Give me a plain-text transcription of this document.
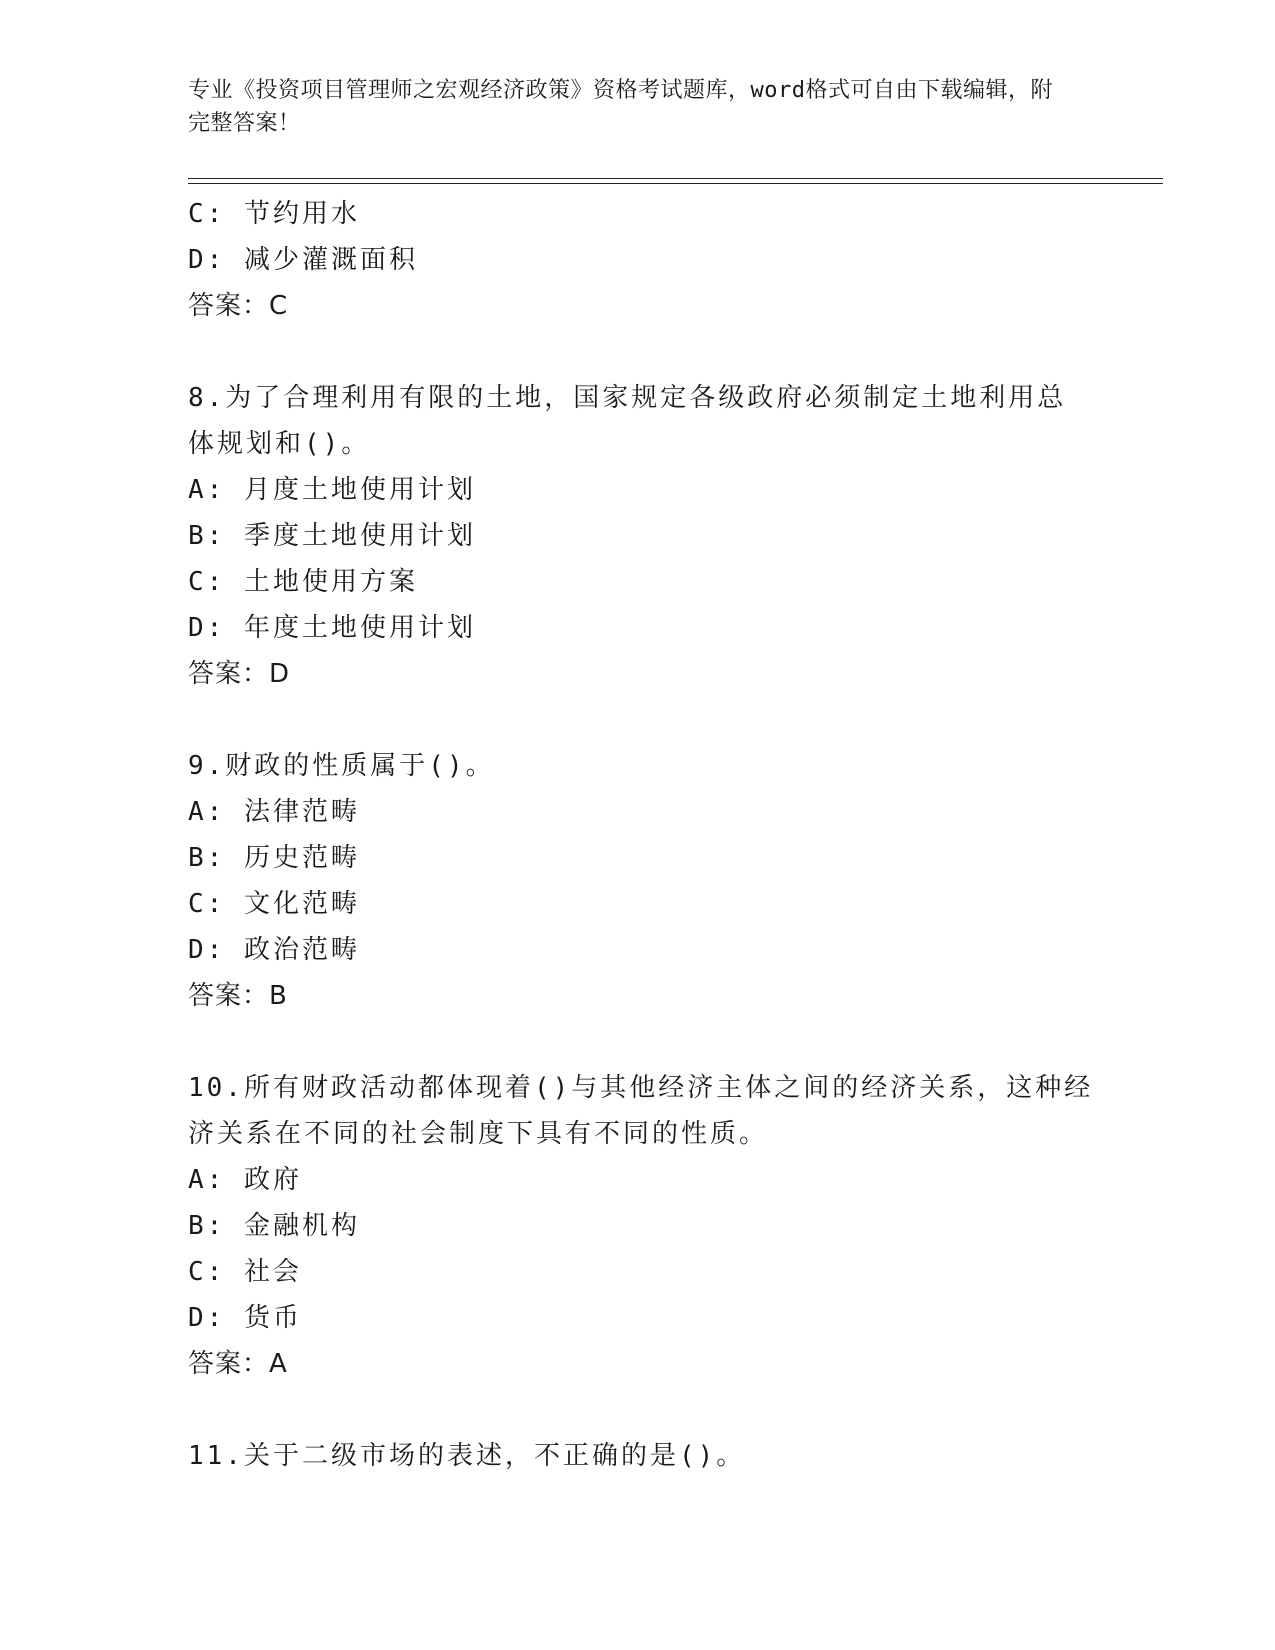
专业《投资项目管理师之宏观经济政策》资格考试题库，word格式可自由下载编辑，附完整答案！
C: 节约用水
D: 减少灌溉面积
答案：C
8.为了合理利用有限的土地，国家规定各级政府必须制定土地利用总
体规划和()。
A: 月度土地使用计划
B: 季度土地使用计划
C: 土地使用方案
D: 年度土地使用计划
答案：D
9.财政的性质属于()。
A: 法律范畴
B: 历史范畴
C: 文化范畴
D: 政治范畴
答案：B
10.所有财政活动都体现着()与其他经济主体之间的经济关系，这种经
济关系在不同的社会制度下具有不同的性质。
A: 政府
B: 金融机构
C: 社会
D: 货币
答案：A
11.关于二级市场的表述，不正确的是()。
